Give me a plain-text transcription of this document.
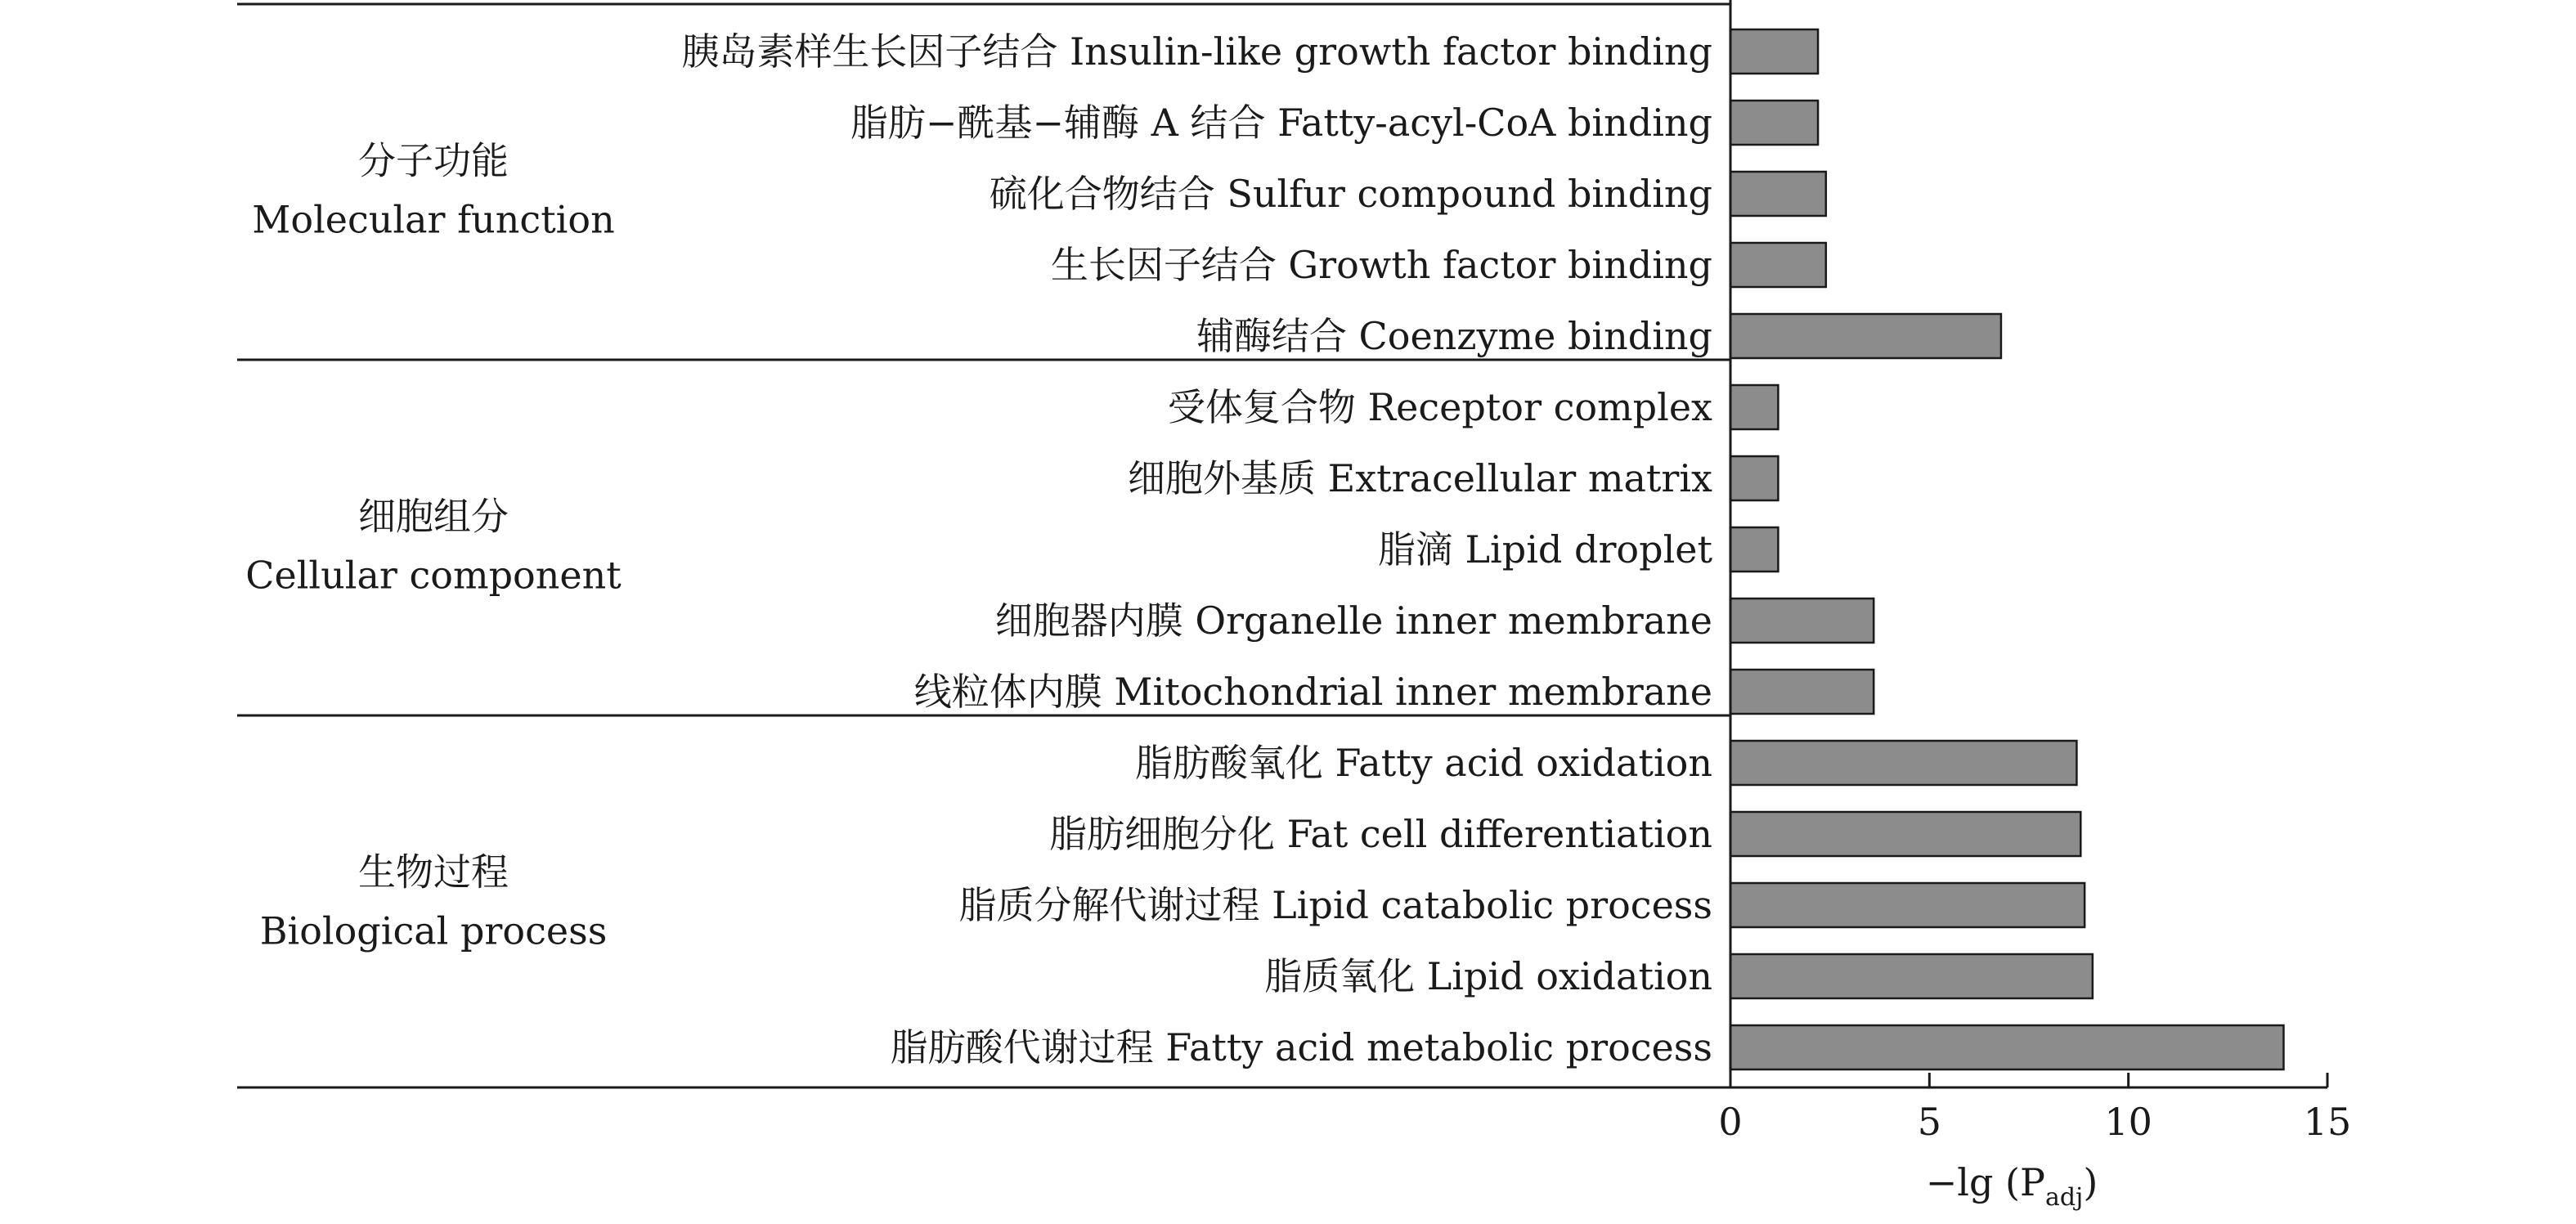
分子功能
Molecular function
细胞组分
Cellular component
生物过程
Biological process
胰岛素样生长因子结合 Insulin-like growth factor binding
脂肪−酰基−辅酶 A 结合 Fatty-acyl-CoA binding
硫化合物结合 Sulfur compound binding
生长因子结合 Growth factor binding
辅酶结合 Coenzyme binding
受体复合物 Receptor complex
细胞外基质 Extracellular matrix
脂滴 Lipid droplet
细胞器内膜 Organelle inner membrane
线粒体内膜 Mitochondrial inner membrane
脂肪酸氧化 Fatty acid oxidation
脂肪细胞分化 Fat cell differentiation
脂质分解代谢过程 Lipid catabolic process
脂质氧化 Lipid oxidation
脂肪酸代谢过程 Fatty acid metabolic process
−lg $(P_{adj})$
0	5	10	15
